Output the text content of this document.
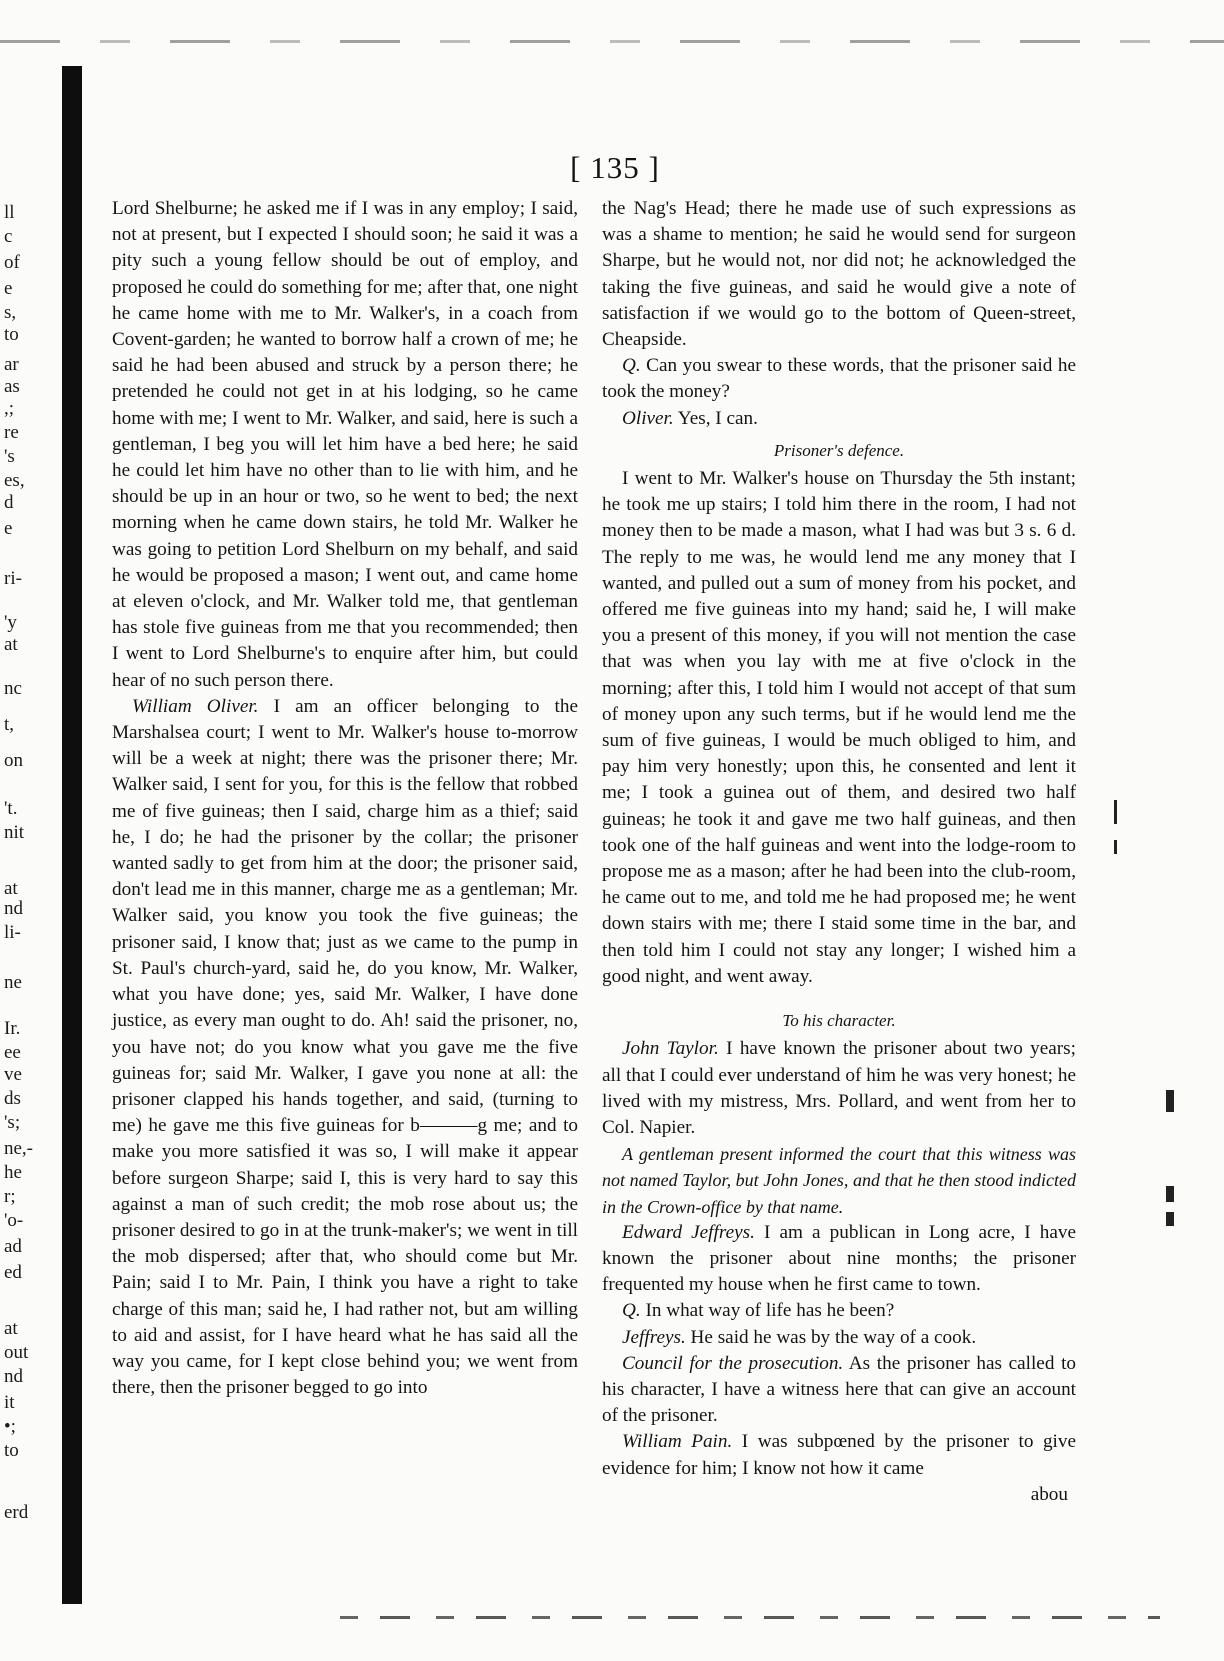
ll
c
of
e
s,
to
ar
as
,;
re
's
es,
d
e
ri-
'y
at
nc
t,
on
't.
nit
at
nd
li-
ne
Ir.
ee
ve
ds
's;
ne,-
he
r;
'o-
ad
ed
at
out
nd
it
•;
to
erd
[ 135 ]

Lord Shelburne; he asked me if I was in any employ; I said, not at present, but I expected I should soon; he said it was a pity such a young fellow should be out of employ, and proposed he could do something for me; after that, one night he came home with me to Mr. Walker's, in a coach from Covent-garden; he wanted to borrow half a crown of me; he said he had been abused and struck by a person there; he pretended he could not get in at his lodging, so he came home with me; I went to Mr. Walker, and said, here is such a gentleman, I beg you will let him have a bed here; he said he could let him have no other than to lie with him, and he should be up in an hour or two, so he went to bed; the next morning when he came down stairs, he told Mr. Walker he was going to petition Lord Shelburn on my behalf, and said he would be proposed a mason; I went out, and came home at eleven o'clock, and Mr. Walker told me, that gentleman has stole five guineas from me that you recommended; then I went to Lord Shelburne's to enquire after him, but could hear of no such person there.

William Oliver. I am an officer belonging to the Marshalsea court; I went to Mr. Walker's house to-morrow will be a week at night; there was the prisoner there; Mr. Walker said, I sent for you, for this is the fellow that robbed me of five guineas; then I said, charge him as a thief; said he, I do; he had the prisoner by the collar; the prisoner wanted sadly to get from him at the door; the prisoner said, don't lead me in this manner, charge me as a gentleman; Mr. Walker said, you know you took the five guineas; the prisoner said, I know that; just as we came to the pump in St. Paul's church-yard, said he, do you know, Mr. Walker, what you have done; yes, said Mr. Walker, I have done justice, as every man ought to do. Ah! said the prisoner, no, you have not; do you know what you gave me the five guineas for; said Mr. Walker, I gave you none at all: the prisoner clapped his hands together, and said, (turning to me) he gave me this five guineas for b———g me; and to make you more satisfied it was so, I will make it appear before surgeon Sharpe; said I, this is very hard to say this against a man of such credit; the mob rose about us; the prisoner desired to go in at the trunk-maker's; we went in till the mob dispersed; after that, who should come but Mr. Pain; said I to Mr. Pain, I think you have a right to take charge of this man; said he, I had rather not, but am willing to aid and assist, for I have heard what he has said all the way you came, for I kept close behind you; we went from there, then the prisoner begged to go into

the Nag's Head; there he made use of such expressions as was a shame to mention; he said he would send for surgeon Sharpe, but he would not, nor did not; he acknowledged the taking the five guineas, and said he would give a note of satisfaction if we would go to the bottom of Queen-street, Cheapside.

Q. Can you swear to these words, that the prisoner said he took the money?

Oliver. Yes, I can.

Prisoner's defence.

I went to Mr. Walker's house on Thursday the 5th instant; he took me up stairs; I told him there in the room, I had not money then to be made a mason, what I had was but 3 s. 6 d. The reply to me was, he would lend me any money that I wanted, and pulled out a sum of money from his pocket, and offered me five guineas into my hand; said he, I will make you a present of this money, if you will not mention the case that was when you lay with me at five o'clock in the morning; after this, I told him I would not accept of that sum of money upon any such terms, but if he would lend me the sum of five guineas, I would be much obliged to him, and pay him very honestly; upon this, he consented and lent it me; I took a guinea out of them, and desired two half guineas; he took it and gave me two half guineas, and then took one of the half guineas and went into the lodge-room to propose me as a mason; after he had been into the club-room, he came out to me, and told me he had proposed me; he went down stairs with me; there I staid some time in the bar, and then told him I could not stay any longer; I wished him a good night, and went away.

To his character.

John Taylor. I have known the prisoner about two years; all that I could ever understand of him he was very honest; he lived with my mistress, Mrs. Pollard, and went from her to Col. Napier.

A gentleman present informed the court that this witness was not named Taylor, but John Jones, and that he then stood indicted in the Crown-office by that name.

Edward Jeffreys. I am a publican in Long acre, I have known the prisoner about nine months; the prisoner frequented my house when he first came to town.

Q. In what way of life has he been?

Jeffreys. He said he was by the way of a cook.

Council for the prosecution. As the prisoner has called to his character, I have a witness here that can give an account of the prisoner.

William Pain. I was subpœned by the prisoner to give evidence for him; I know not how it came

abou
